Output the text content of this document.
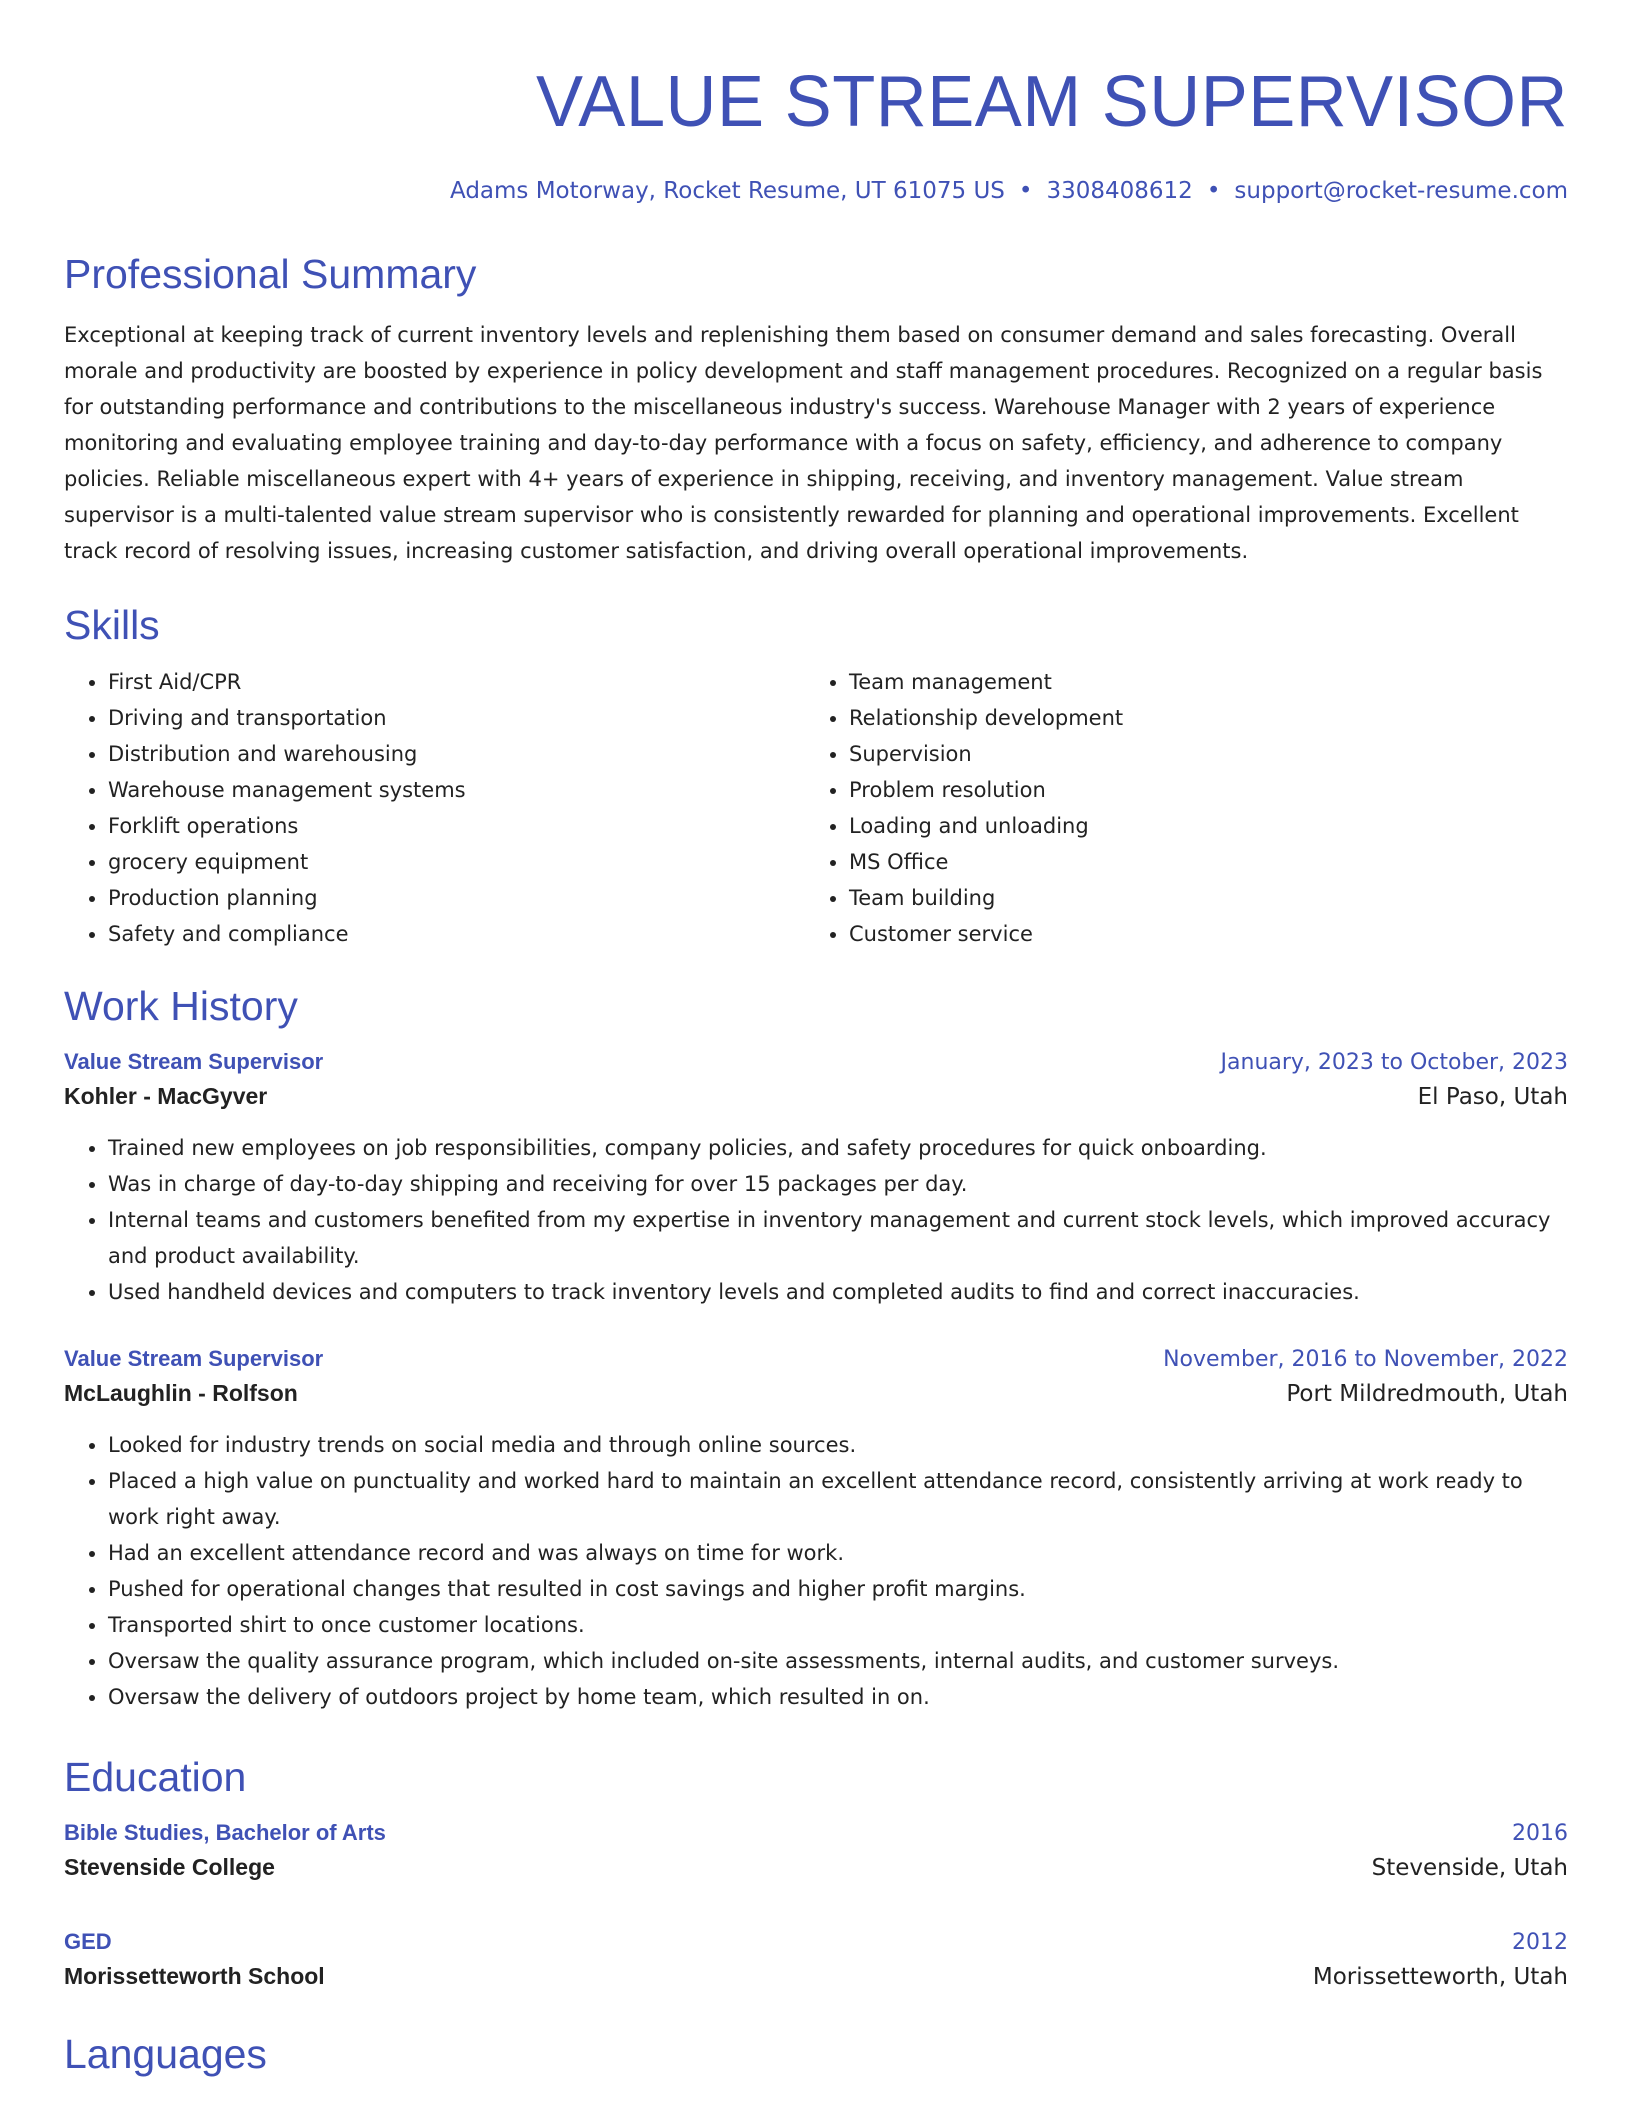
VALUE STREAM SUPERVISOR
Adams Motorway, Rocket Resume, UT 61075 US • 3308408612 • support@rocket-resume.com
Professional Summary
Exceptional at keeping track of current inventory levels and replenishing them based on consumer demand and sales forecasting. Overall morale and productivity are boosted by experience in policy development and staff management procedures. Recognized on a regular basis for outstanding performance and contributions to the miscellaneous industry's success. Warehouse Manager with 2 years of experience monitoring and evaluating employee training and day-to-day performance with a focus on safety, efficiency, and adherence to company policies. Reliable miscellaneous expert with 4+ years of experience in shipping, receiving, and inventory management. Value stream supervisor is a multi-talented value stream supervisor who is consistently rewarded for planning and operational improvements. Excellent track record of resolving issues, increasing customer satisfaction, and driving overall operational improvements.
Skills
• First Aid/CPR
• Driving and transportation
• Distribution and warehousing
• Warehouse management systems
• Forklift operations
• grocery equipment
• Production planning
• Safety and compliance
• Team management
• Relationship development
• Supervision
• Problem resolution
• Loading and unloading
• MS Office
• Team building
• Customer service
Work History
Value Stream Supervisor	January, 2023 to October, 2023
Kohler - MacGyver	El Paso, Utah
• Trained new employees on job responsibilities, company policies, and safety procedures for quick onboarding.
• Was in charge of day-to-day shipping and receiving for over 15 packages per day.
• Internal teams and customers benefited from my expertise in inventory management and current stock levels, which improved accuracy and product availability.
• Used handheld devices and computers to track inventory levels and completed audits to find and correct inaccuracies.
Value Stream Supervisor	November, 2016 to November, 2022
McLaughlin - Rolfson	Port Mildredmouth, Utah
• Looked for industry trends on social media and through online sources.
• Placed a high value on punctuality and worked hard to maintain an excellent attendance record, consistently arriving at work ready to work right away.
• Had an excellent attendance record and was always on time for work.
• Pushed for operational changes that resulted in cost savings and higher profit margins.
• Transported shirt to once customer locations.
• Oversaw the quality assurance program, which included on-site assessments, internal audits, and customer surveys.
• Oversaw the delivery of outdoors project by home team, which resulted in on.
Education
Bible Studies, Bachelor of Arts	2016
Stevenside College	Stevenside, Utah
GED	2012
Morissetteworth School	Morissetteworth, Utah
Languages
